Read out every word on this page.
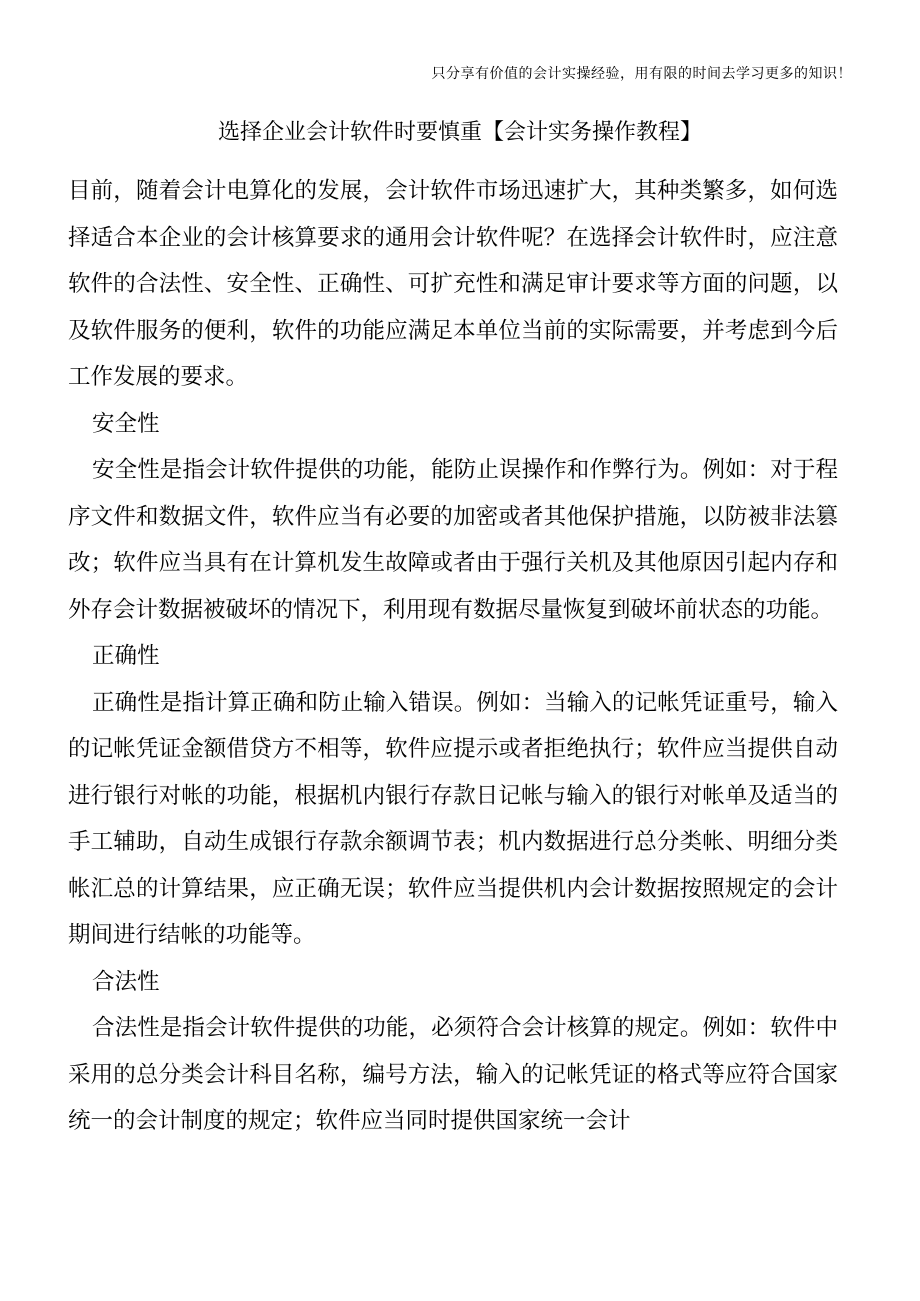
只分享有价值的会计实操经验，用有限的时间去学习更多的知识！
选择企业会计软件时要慎重【会计实务操作教程】

目前，随着会计电算化的发展，会计软件市场迅速扩大，其种类繁多，如何选择适合本企业的会计核算要求的通用会计软件呢？在选择会计软件时，应注意软件的合法性、安全性、正确性、可扩充性和满足审计要求等方面的问题，以及软件服务的便利，软件的功能应满足本单位当前的实际需要，并考虑到今后工作发展的要求。

安全性

安全性是指会计软件提供的功能，能防止误操作和作弊行为。例如：对于程序文件和数据文件，软件应当有必要的加密或者其他保护措施，以防被非法篡改；软件应当具有在计算机发生故障或者由于强行关机及其他原因引起内存和外存会计数据被破坏的情况下，利用现有数据尽量恢复到破坏前状态的功能。

正确性

正确性是指计算正确和防止输入错误。例如：当输入的记帐凭证重号，输入的记帐凭证金额借贷方不相等，软件应提示或者拒绝执行；软件应当提供自动进行银行对帐的功能，根据机内银行存款日记帐与输入的银行对帐单及适当的手工辅助，自动生成银行存款余额调节表；机内数据进行总分类帐、明细分类帐汇总的计算结果，应正确无误；软件应当提供机内会计数据按照规定的会计期间进行结帐的功能等。

合法性

合法性是指会计软件提供的功能，必须符合会计核算的规定。例如：软件中采用的总分类会计科目名称，编号方法，输入的记帐凭证的格式等应符合国家统一的会计制度的规定；软件应当同时提供国家统一会计
